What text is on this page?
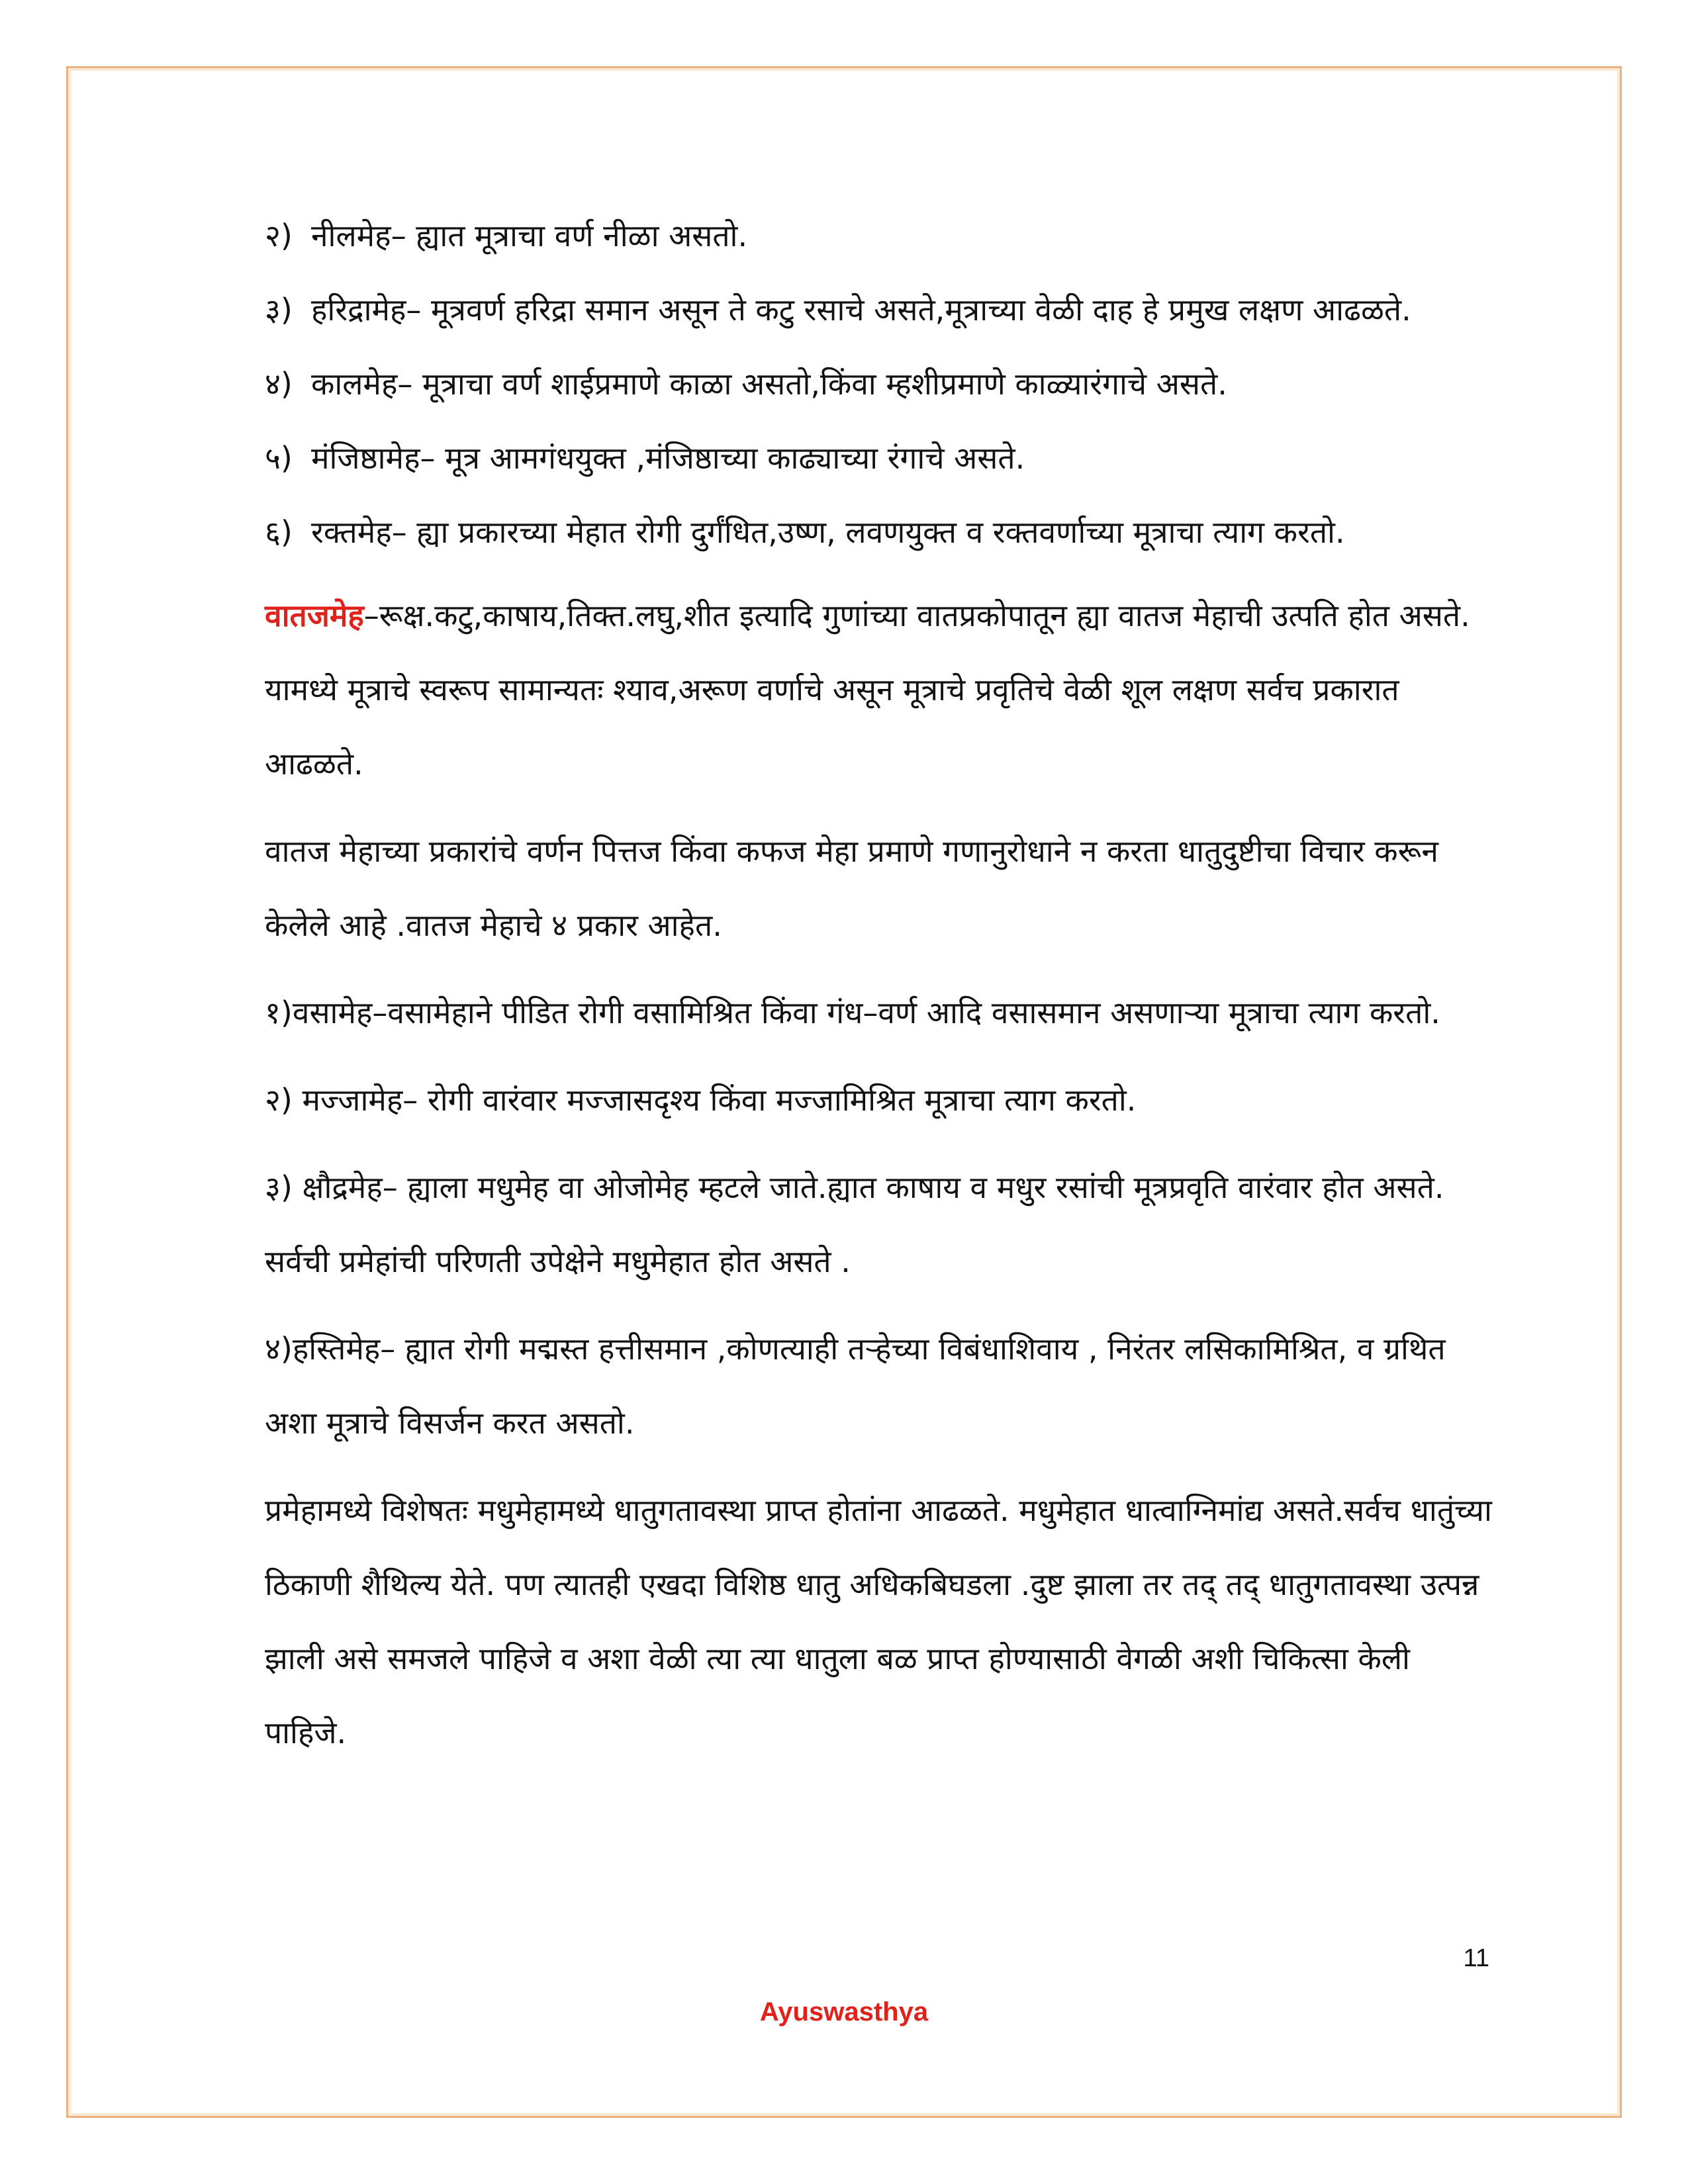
२) नीलमेह– ह्यात मूत्राचा वर्ण नीळा असतो.
३) हरिद्रामेह– मूत्रवर्ण हरिद्रा समान असून ते कटु रसाचे असते,मूत्राच्या वेळी दाह हे प्रमुख लक्षण आढळते.
४) कालमेह– मूत्राचा वर्ण शाईप्रमाणे काळा असतो,किंवा म्हशीप्रमाणे काळ्यारंगाचे असते.
५) मंजिष्ठामेह– मूत्र आमगंधयुक्त ,मंजिष्ठाच्या काढ्याच्या रंगाचे असते.
६) रक्तमेह– ह्या प्रकारच्या मेहात रोगी दुर्गंधित,उष्ण, लवणयुक्त व रक्तवर्णाच्या मूत्राचा त्याग करतो.

वातजमेह–रूक्ष.कटु,काषाय,तिक्त.लघु,शीत इत्यादि गुणांच्या वातप्रकोपातून ह्या वातज मेहाची उत्पति होत असते. यामध्ये मूत्राचे स्वरूप सामान्यतः श्याव,अरूण वर्णाचे असून मूत्राचे प्रवृतिचे वेळी शूल लक्षण सर्वच प्रकारात आढळते.

वातज मेहाच्या प्रकारांचे वर्णन पित्तज किंवा कफज मेहा प्रमाणे गणानुरोधाने न करता धातुदुष्टीचा विचार करून केलेले आहे .वातज मेहाचे ४ प्रकार आहेत.

१)वसामेह–वसामेहाने पीडित रोगी वसामिश्रित किंवा गंध–वर्ण आदि वसासमान असणाऱ्या मूत्राचा त्याग करतो.

२) मज्जामेह– रोगी वारंवार मज्जासदृश्य किंवा मज्जामिश्रित मूत्राचा त्याग करतो.

३) क्षौद्रमेह– ह्याला मधुमेह वा ओजोमेह म्हटले जाते.ह्यात काषाय व मधुर रसांची मूत्रप्रवृति वारंवार होत असते. सर्वची प्रमेहांची परिणती उपेक्षेने मधुमेहात होत असते .

४)हस्तिमेह– ह्यात रोगी मद्मस्त हत्तीसमान ,कोणत्याही तऱ्हेच्या विबंधाशिवाय , निरंतर लसिकामिश्रित, व ग्रथित अशा मूत्राचे विसर्जन करत असतो.

प्रमेहामध्ये विशेषतः मधुमेहामध्ये धातुगतावस्था प्राप्त होतांना आढळते. मधुमेहात धात्वाग्निमांद्य असते.सर्वच धातुंच्या ठिकाणी शैथिल्य येते. पण त्यातही एखदा विशिष्ठ धातु अधिकबिघडला .दुष्ट झाला तर तद् तद् धातुगतावस्था उत्पन्न झाली असे समजले पाहिजे व अशा वेळी त्या त्या धातुला बळ प्राप्त होण्यासाठी वेगळी अशी चिकित्सा केली पाहिजे.

11
Ayuswasthya
